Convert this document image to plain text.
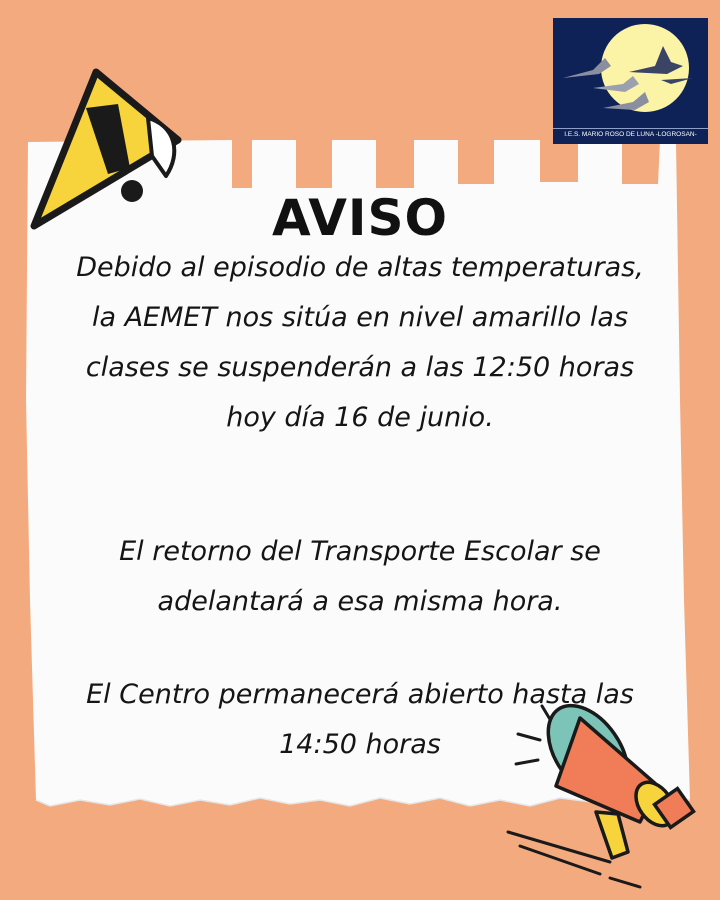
I.E.S. MARIO ROSO DE LUNA -LOGROSAN-
AVISO
Debido al episodio de altas temperaturas, la AEMET nos sitúa en nivel amarillo las clases se suspenderán a las 12:50 horas hoy día 16 de junio.
El retorno del Transporte Escolar se adelantará a esa misma hora.
El Centro permanecerá abierto hasta las 14:50 horas
